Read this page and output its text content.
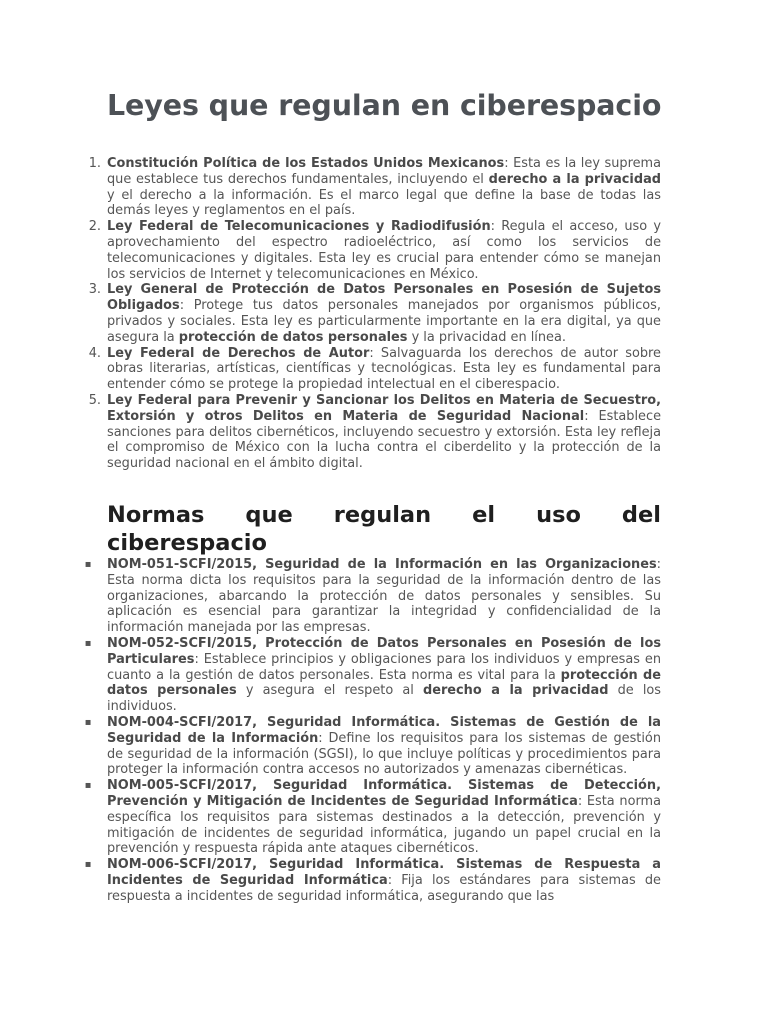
Leyes que regulan en ciberespacio
1. Constitución Política de los Estados Unidos Mexicanos: Esta es la ley suprema que establece tus derechos fundamentales, incluyendo el derecho a la privacidad y el derecho a la información. Es el marco legal que define la base de todas las demás leyes y reglamentos en el país.
2. Ley Federal de Telecomunicaciones y Radiodifusión: Regula el acceso, uso y aprovechamiento del espectro radioeléctrico, así como los servicios de telecomunicaciones y digitales. Esta ley es crucial para entender cómo se manejan los servicios de Internet y telecomunicaciones en México.
3. Ley General de Protección de Datos Personales en Posesión de Sujetos Obligados: Protege tus datos personales manejados por organismos públicos, privados y sociales. Esta ley es particularmente importante en la era digital, ya que asegura la protección de datos personales y la privacidad en línea.
4. Ley Federal de Derechos de Autor: Salvaguarda los derechos de autor sobre obras literarias, artísticas, científicas y tecnológicas. Esta ley es fundamental para entender cómo se protege la propiedad intelectual en el ciberespacio.
5. Ley Federal para Prevenir y Sancionar los Delitos en Materia de Secuestro, Extorsión y otros Delitos en Materia de Seguridad Nacional: Establece sanciones para delitos cibernéticos, incluyendo secuestro y extorsión. Esta ley refleja el compromiso de México con la lucha contra el ciberdelito y la protección de la seguridad nacional en el ámbito digital.
Normas que regulan el uso del ciberespacio
▪ NOM-051-SCFI/2015, Seguridad de la Información en las Organizaciones: Esta norma dicta los requisitos para la seguridad de la información dentro de las organizaciones, abarcando la protección de datos personales y sensibles. Su aplicación es esencial para garantizar la integridad y confidencialidad de la información manejada por las empresas.
▪ NOM-052-SCFI/2015, Protección de Datos Personales en Posesión de los Particulares: Establece principios y obligaciones para los individuos y empresas en cuanto a la gestión de datos personales. Esta norma es vital para la protección de datos personales y asegura el respeto al derecho a la privacidad de los individuos.
▪ NOM-004-SCFI/2017, Seguridad Informática. Sistemas de Gestión de la Seguridad de la Información: Define los requisitos para los sistemas de gestión de seguridad de la información (SGSI), lo que incluye políticas y procedimientos para proteger la información contra accesos no autorizados y amenazas cibernéticas.
▪ NOM-005-SCFI/2017, Seguridad Informática. Sistemas de Detección, Prevención y Mitigación de Incidentes de Seguridad Informática: Esta norma específica los requisitos para sistemas destinados a la detección, prevención y mitigación de incidentes de seguridad informática, jugando un papel crucial en la prevención y respuesta rápida ante ataques cibernéticos.
▪ NOM-006-SCFI/2017, Seguridad Informática. Sistemas de Respuesta a Incidentes de Seguridad Informática: Fija los estándares para sistemas de respuesta a incidentes de seguridad informática, asegurando que las
